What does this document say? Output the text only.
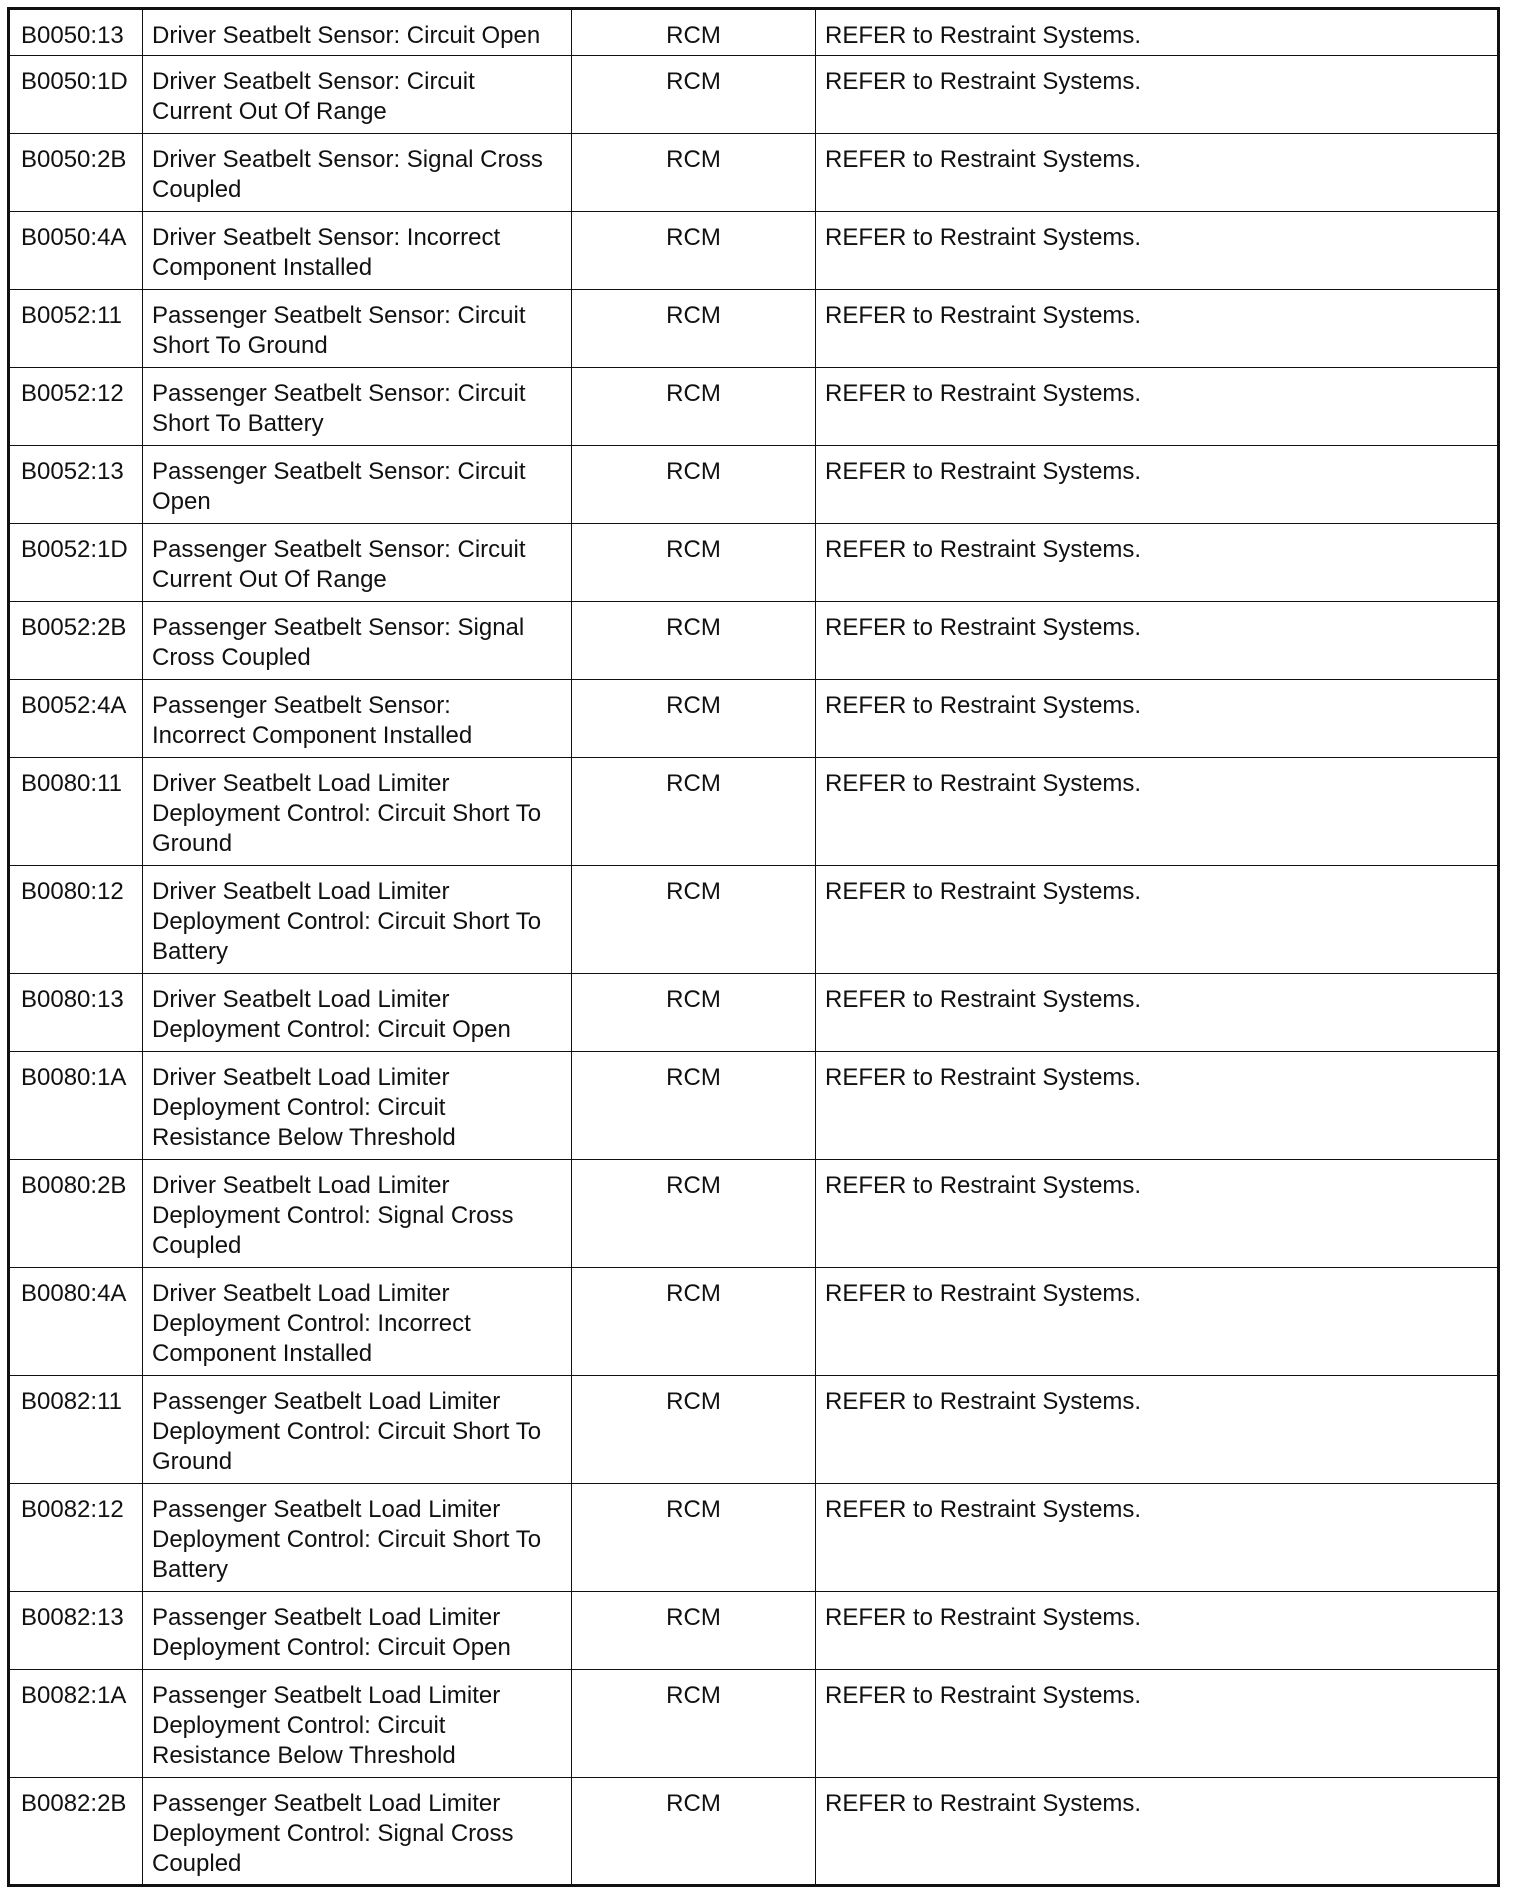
B0050:13	Driver Seatbelt Sensor: Circuit Open	RCM	REFER to Restraint Systems.
B0050:1D	Driver Seatbelt Sensor: Circuit
Current Out Of Range	RCM	REFER to Restraint Systems.
B0050:2B	Driver Seatbelt Sensor: Signal Cross
Coupled	RCM	REFER to Restraint Systems.
B0050:4A	Driver Seatbelt Sensor: Incorrect
Component Installed	RCM	REFER to Restraint Systems.
B0052:11	Passenger Seatbelt Sensor: Circuit
Short To Ground	RCM	REFER to Restraint Systems.
B0052:12	Passenger Seatbelt Sensor: Circuit
Short To Battery	RCM	REFER to Restraint Systems.
B0052:13	Passenger Seatbelt Sensor: Circuit
Open	RCM	REFER to Restraint Systems.
B0052:1D	Passenger Seatbelt Sensor: Circuit
Current Out Of Range	RCM	REFER to Restraint Systems.
B0052:2B	Passenger Seatbelt Sensor: Signal
Cross Coupled	RCM	REFER to Restraint Systems.
B0052:4A	Passenger Seatbelt Sensor:
Incorrect Component Installed	RCM	REFER to Restraint Systems.
B0080:11	Driver Seatbelt Load Limiter
Deployment Control: Circuit Short To
Ground	RCM	REFER to Restraint Systems.
B0080:12	Driver Seatbelt Load Limiter
Deployment Control: Circuit Short To
Battery	RCM	REFER to Restraint Systems.
B0080:13	Driver Seatbelt Load Limiter
Deployment Control: Circuit Open	RCM	REFER to Restraint Systems.
B0080:1A	Driver Seatbelt Load Limiter
Deployment Control: Circuit
Resistance Below Threshold	RCM	REFER to Restraint Systems.
B0080:2B	Driver Seatbelt Load Limiter
Deployment Control: Signal Cross
Coupled	RCM	REFER to Restraint Systems.
B0080:4A	Driver Seatbelt Load Limiter
Deployment Control: Incorrect
Component Installed	RCM	REFER to Restraint Systems.
B0082:11	Passenger Seatbelt Load Limiter
Deployment Control: Circuit Short To
Ground	RCM	REFER to Restraint Systems.
B0082:12	Passenger Seatbelt Load Limiter
Deployment Control: Circuit Short To
Battery	RCM	REFER to Restraint Systems.
B0082:13	Passenger Seatbelt Load Limiter
Deployment Control: Circuit Open	RCM	REFER to Restraint Systems.
B0082:1A	Passenger Seatbelt Load Limiter
Deployment Control: Circuit
Resistance Below Threshold	RCM	REFER to Restraint Systems.
B0082:2B	Passenger Seatbelt Load Limiter
Deployment Control: Signal Cross
Coupled	RCM	REFER to Restraint Systems.
